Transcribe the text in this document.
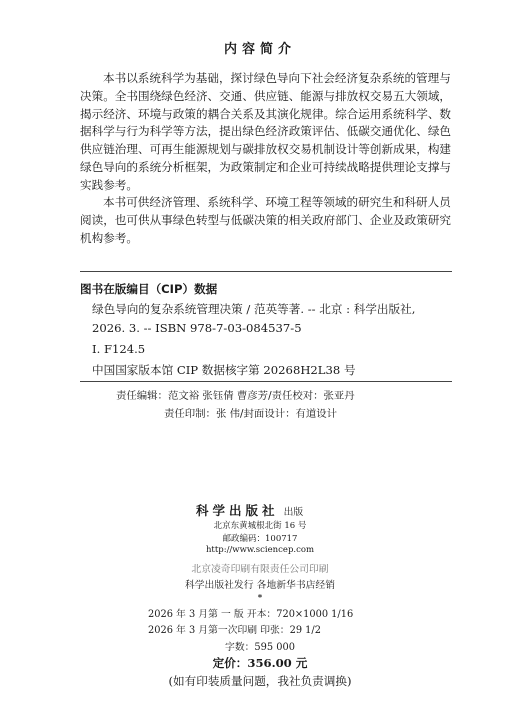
内容简介
本书以系统科学为基础，探讨绿色导向下社会经济复杂系统的管理与
决策。全书围绕绿色经济、交通、供应链、能源与排放权交易五大领域，
揭示经济、环境与政策的耦合关系及其演化规律。综合运用系统科学、数
据科学与行为科学等方法，提出绿色经济政策评估、低碳交通优化、绿色
供应链治理、可再生能源规划与碳排放权交易机制设计等创新成果，构建
绿色导向的系统分析框架，为政策制定和企业可持续战略提供理论支撑与
实践参考。
本书可供经济管理、系统科学、环境工程等领域的研究生和科研人员
阅读，也可供从事绿色转型与低碳决策的相关政府部门、企业及政策研究
机构参考。
图书在版编目（CIP）数据
绿色导向的复杂系统管理决策 / 范英等著. -- 北京 : 科学出版社,
2026. 3. -- ISBN 978-7-03-084537-5
Ⅰ. F124.5
中国国家版本馆 CIP 数据核字第 20268H2L38 号
责任编辑：范文裕 张钰倩 曹彦芳/责任校对：张亚丹
责任印制：张 伟/封面设计：有道设计
科学出版社 出版
北京东黄城根北街 16 号
邮政编码：100717
http://www.sciencep.com
北京凌奇印刷有限责任公司印刷
科学出版社发行 各地新华书店经销
*
2026 年 3 月第 一 版 开本：720×1000 1/16
2026 年 3 月第一次印刷 印张：29 1/2
字数：595 000
定价：356.00 元
(如有印装质量问题，我社负责调换)
